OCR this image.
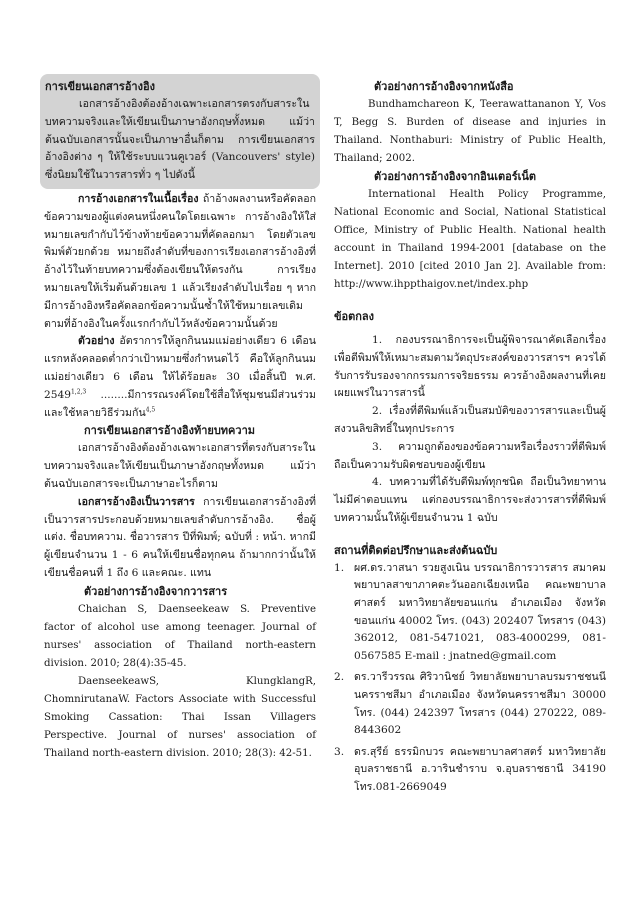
การเขียนเอกสารอ้างอิง

เอกสารอ้างอิงต้องอ้างเฉพาะเอกสารตรงกับสาระในบทความจริงและให้เขียนเป็นภาษาอังกฤษทั้งหมด แม้ว่าต้นฉบับเอกสารนั้นจะเป็นภาษาอื่นก็ตาม การเขียนเอกสารอ้างอิงต่าง ๆ ให้ใช้ระบบแวนคูเวอร์ (Vancouvers' style) ซึ่งนิยมใช้ในวารสารทั่ว ๆ ไปดังนี้

การอ้างเอกสารในเนื้อเรื่อง ถ้าอ้างผลงานหรือคัดลอกข้อความของผู้แต่งคนหนึ่งคนใดโดยเฉพาะ การอ้างอิงให้ใส่หมายเลขกำกับไว้ข้างท้ายข้อความที่คัดลอกมา โดยตัวเลขพิมพ์ตัวยกด้วย หมายถึงลำดับที่ของการเรียงเอกสารอ้างอิงที่อ้างไว้ในท้ายบทความซึ่งต้องเขียนให้ตรงกัน การเรียงหมายเลขให้เริ่มต้นด้วยเลข 1 แล้วเรียงลำดับไปเรื่อย ๆ หากมีการอ้างอิงหรือคัดลอกข้อความนั้นซ้ำให้ใช้หมายเลขเดิมตามที่อ้างอิงในครั้งแรกกำกับไว้หลังข้อความนั้นด้วย

ตัวอย่าง อัตราการให้ลูกกินนมแม่อย่างเดียว 6 เดือนแรกหลังคลอดต่ำกว่าเป้าหมายซึ่งกำหนดไว้ คือให้ลูกกินนมแม่อย่างเดียว 6 เดือน ให้ได้ร้อยละ 30 เมื่อสิ้นปี พ.ศ. 2549$^{1,2,3}$ ........มีการรณรงค์โดยใช้สื่อให้ชุมชนมีส่วนร่วมและใช้หลายวิธีร่วมกัน$^{4,5}$

การเขียนเอกสารอ้างอิงท้ายบทความ

เอกสารอ้างอิงต้องอ้างเฉพาะเอกสารที่ตรงกับสาระในบทความจริงและให้เขียนเป็นภาษาอังกฤษทั้งหมด แม้ว่าต้นฉบับเอกสารจะเป็นภาษาอะไรก็ตาม

เอกสารอ้างอิงเป็นวารสาร การเขียนเอกสารอ้างอิงที่เป็นวารสารประกอบด้วยหมายเลขลำดับการอ้างอิง. ชื่อผู้แต่ง. ชื่อบทความ. ชื่อวารสาร ปีที่พิมพ์; ฉบับที่ : หน้า. หากมีผู้เขียนจำนวน 1 - 6 คนให้เขียนชื่อทุกคน ถ้ามากกว่านั้นให้เขียนชื่อคนที่ 1 ถึง 6 และคณะ. แทน

ตัวอย่างการอ้างอิงจากวารสาร

Chaichan S, Daenseekeaw S. Preventive factor of alcohol use among teenager. Journal of nurses' association of Thailand north-eastern division. 2010; 28(4):35-45.

DaenseekeawS, KlungklangR, ChomnirutanaW. Factors Associate with Successful Smoking Cassation: Thai Issan Villagers Perspective. Journal of nurses' association of Thailand north-eastern division. 2010; 28(3): 42-51.

ตัวอย่างการอ้างอิงจากหนังสือ

Bundhamchareon K, Teerawattananon Y, Vos T, Begg S. Burden of disease and injuries in Thailand. Nonthaburi: Ministry of Public Health, Thailand; 2002.

ตัวอย่างการอ้างอิงจากอินเตอร์เน็ต

International Health Policy Programme, National Economic and Social, National Statistical Office, Ministry of Public Health. National health account in Thailand 1994-2001 [database on the Internet]. 2010 [cited 2010 Jan 2]. Available from: http://www.ihppthaigov.net/index.php

ข้อตกลง

1. กองบรรณาธิการจะเป็นผู้พิจารณาคัดเลือกเรื่องเพื่อตีพิมพ์ให้เหมาะสมตามวัตถุประสงค์ของวารสารฯ ควรได้รับการรับรองจากกรรมการจริยธรรม ควรอ้างอิงผลงานที่เคยเผยแพร่ในวารสารนี้

2. เรื่องที่ตีพิมพ์แล้วเป็นสมบัติของวารสารและเป็นผู้สงวนลิขสิทธิ์ในทุกประการ

3. ความถูกต้องของข้อความหรือเรื่องราวที่ตีพิมพ์ถือเป็นความรับผิดชอบของผู้เขียน

4. บทความที่ได้รับตีพิมพ์ทุกชนิด ถือเป็นวิทยาทาน ไม่มีค่าตอบแทน แต่กองบรรณาธิการจะส่งวารสารที่ตีพิมพ์บทความนั้นให้ผู้เขียนจำนวน 1 ฉบับ

สถานที่ติดต่อปรึกษาและส่งต้นฉบับ
1. ผศ.ดร.วาสนา รวยสูงเนิน บรรณาธิการวารสาร สมาคมพยาบาลสาขาภาคตะวันออกเฉียงเหนือ คณะพยาบาลศาสตร์ มหาวิทยาลัยขอนแก่น อำเภอเมือง จังหวัดขอนแก่น 40002 โทร. (043) 202407 โทรสาร (043) 362012, 081-5471021, 083-4000299, 081-0567585 E-mail : jnatned@gmail.com
2. ดร.วารีวรรณ ศิริวานิชย์ วิทยาลัยพยาบาลบรมราชชนนี นครราชสีมา อำเภอเมือง จังหวัดนครราชสีมา 30000 โทร. (044) 242397 โทรสาร (044) 270222, 089-8443602
3. ดร.สุรีย์ ธรรมิกบวร คณะพยาบาลศาสตร์ มหาวิทยาลัยอุบลราชธานี อ.วารินชำราบ จ.อุบลราชธานี 34190 โทร.081-2669049
